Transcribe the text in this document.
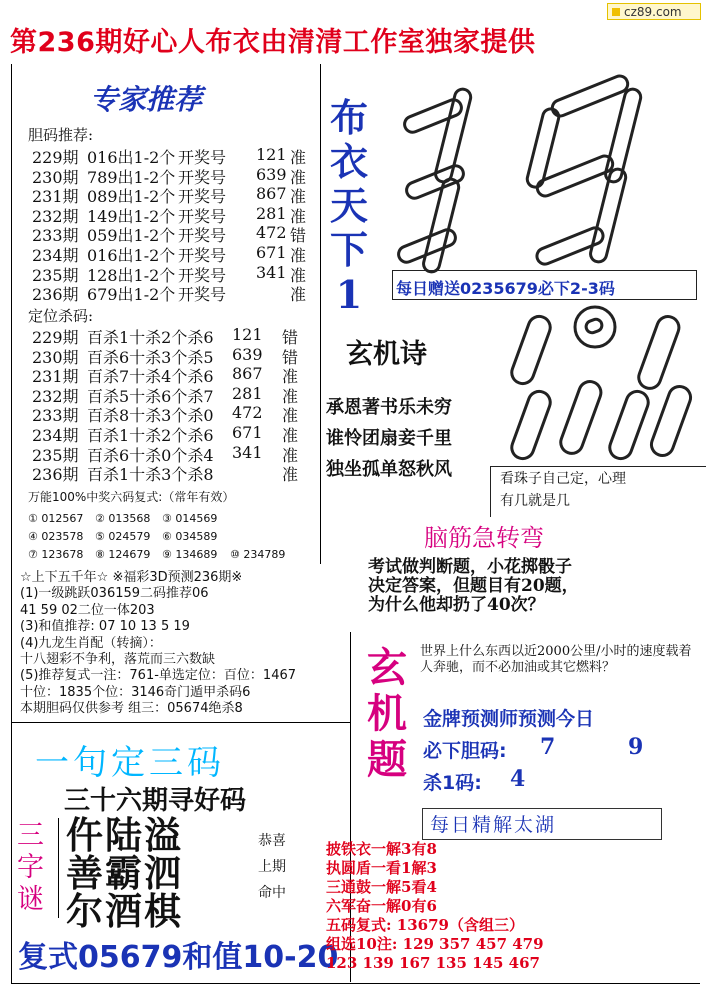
cz89.com
第236期好心人布衣由清清工作室独家提供
专家推荐
胆码推荐:
229期 016出1-2个 开奖号 121 准
230期 789出1-2个 开奖号 639 准
231期 089出1-2个 开奖号 867 准
232期 149出1-2个 开奖号 281 准
233期 059出1-2个 开奖号 472 错
234期 016出1-2个 开奖号 671 准
235期 128出1-2个 开奖号 341 准
236期 679出1-2个 开奖号	准
定位杀码:
229期 百杀1十杀2个杀6 121 错
230期 百杀6十杀3个杀5 639 错
231期 百杀7十杀4个杀6 867 准
232期 百杀5十杀6个杀7 281 准
233期 百杀8十杀3个杀0 472 准
234期 百杀1十杀2个杀6 671 准
235期 百杀6十杀0个杀4 341 准
236期 百杀1十杀3个杀8	准
万能100%中奖六码复式:（常年有效）
① 012567 ② 013568 ③ 014569
④ 023578 ⑤ 024579 ⑥ 034589
⑦ 123678 ⑧ 124679 ⑨ 134689 ⑩ 234789
布
衣
天
下
1	每日赠送0235679必下2-3码
玄机诗
承恩著书乐未穷
谁怜团扇妾千里
独坐孤单怒秋风	看珠子自己定，心理
有几就是几
脑筋急转弯
考试做判断题，小花掷骰子
决定答案，但题目有20题，
为什么他却扔了40次？
☆上下五千年☆ ※福彩3D预测236期※
(1)一级跳跃036159二码推荐06
41 59 02二位一体203
(3)和值推荐: 07 10 13 5 19
(4)九龙生肖配（转摘）：
十八翅彩不争利，落荒而三六数缺
(5)推荐复式一注：761-单选定位：百位：1467
十位：1835个位：3146奇门遁甲杀码6
本期胆码仅供参考 组三：05674绝杀8
玄
机
题
世界上什么东西以近2000公里/小时的速度载着人奔驰，而不必加油或其它燃料？
金牌预测师预测今日
必下胆码: 7	9
杀1码: 4
一句定三码
三十六期寻好码
三
字
谜
仵陆溢
善霸泗
尔酒棋
恭喜
上期
命中
复式05679和值10-20
每日精解太湖
披铁衣一解3有8
执圆盾一看1解3
三通鼓一解5看4
六军奋一解0有6
五码复式: 13679（含组三）
组选10注: 129 357 457 479
123 139 167 135 145 467
